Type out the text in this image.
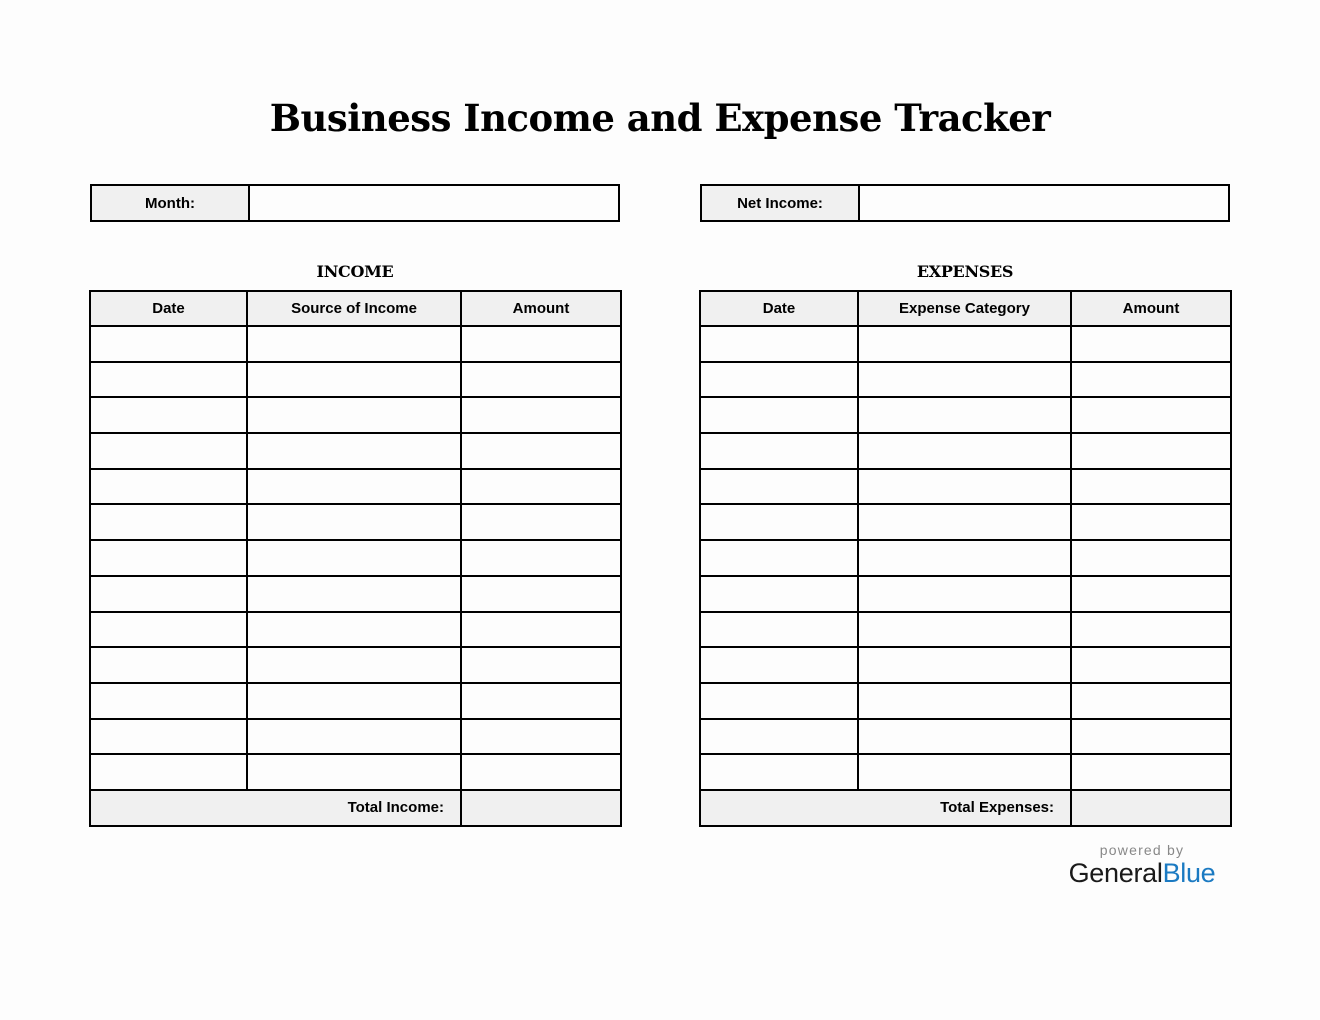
Business Income and Expense Tracker
Month:	Net Income:
INCOME	EXPENSES
Date	Source of Income	Amount

Total Income:		
Date	Expense Category	Amount

Total Expenses:		
powered by
GeneralBlue
